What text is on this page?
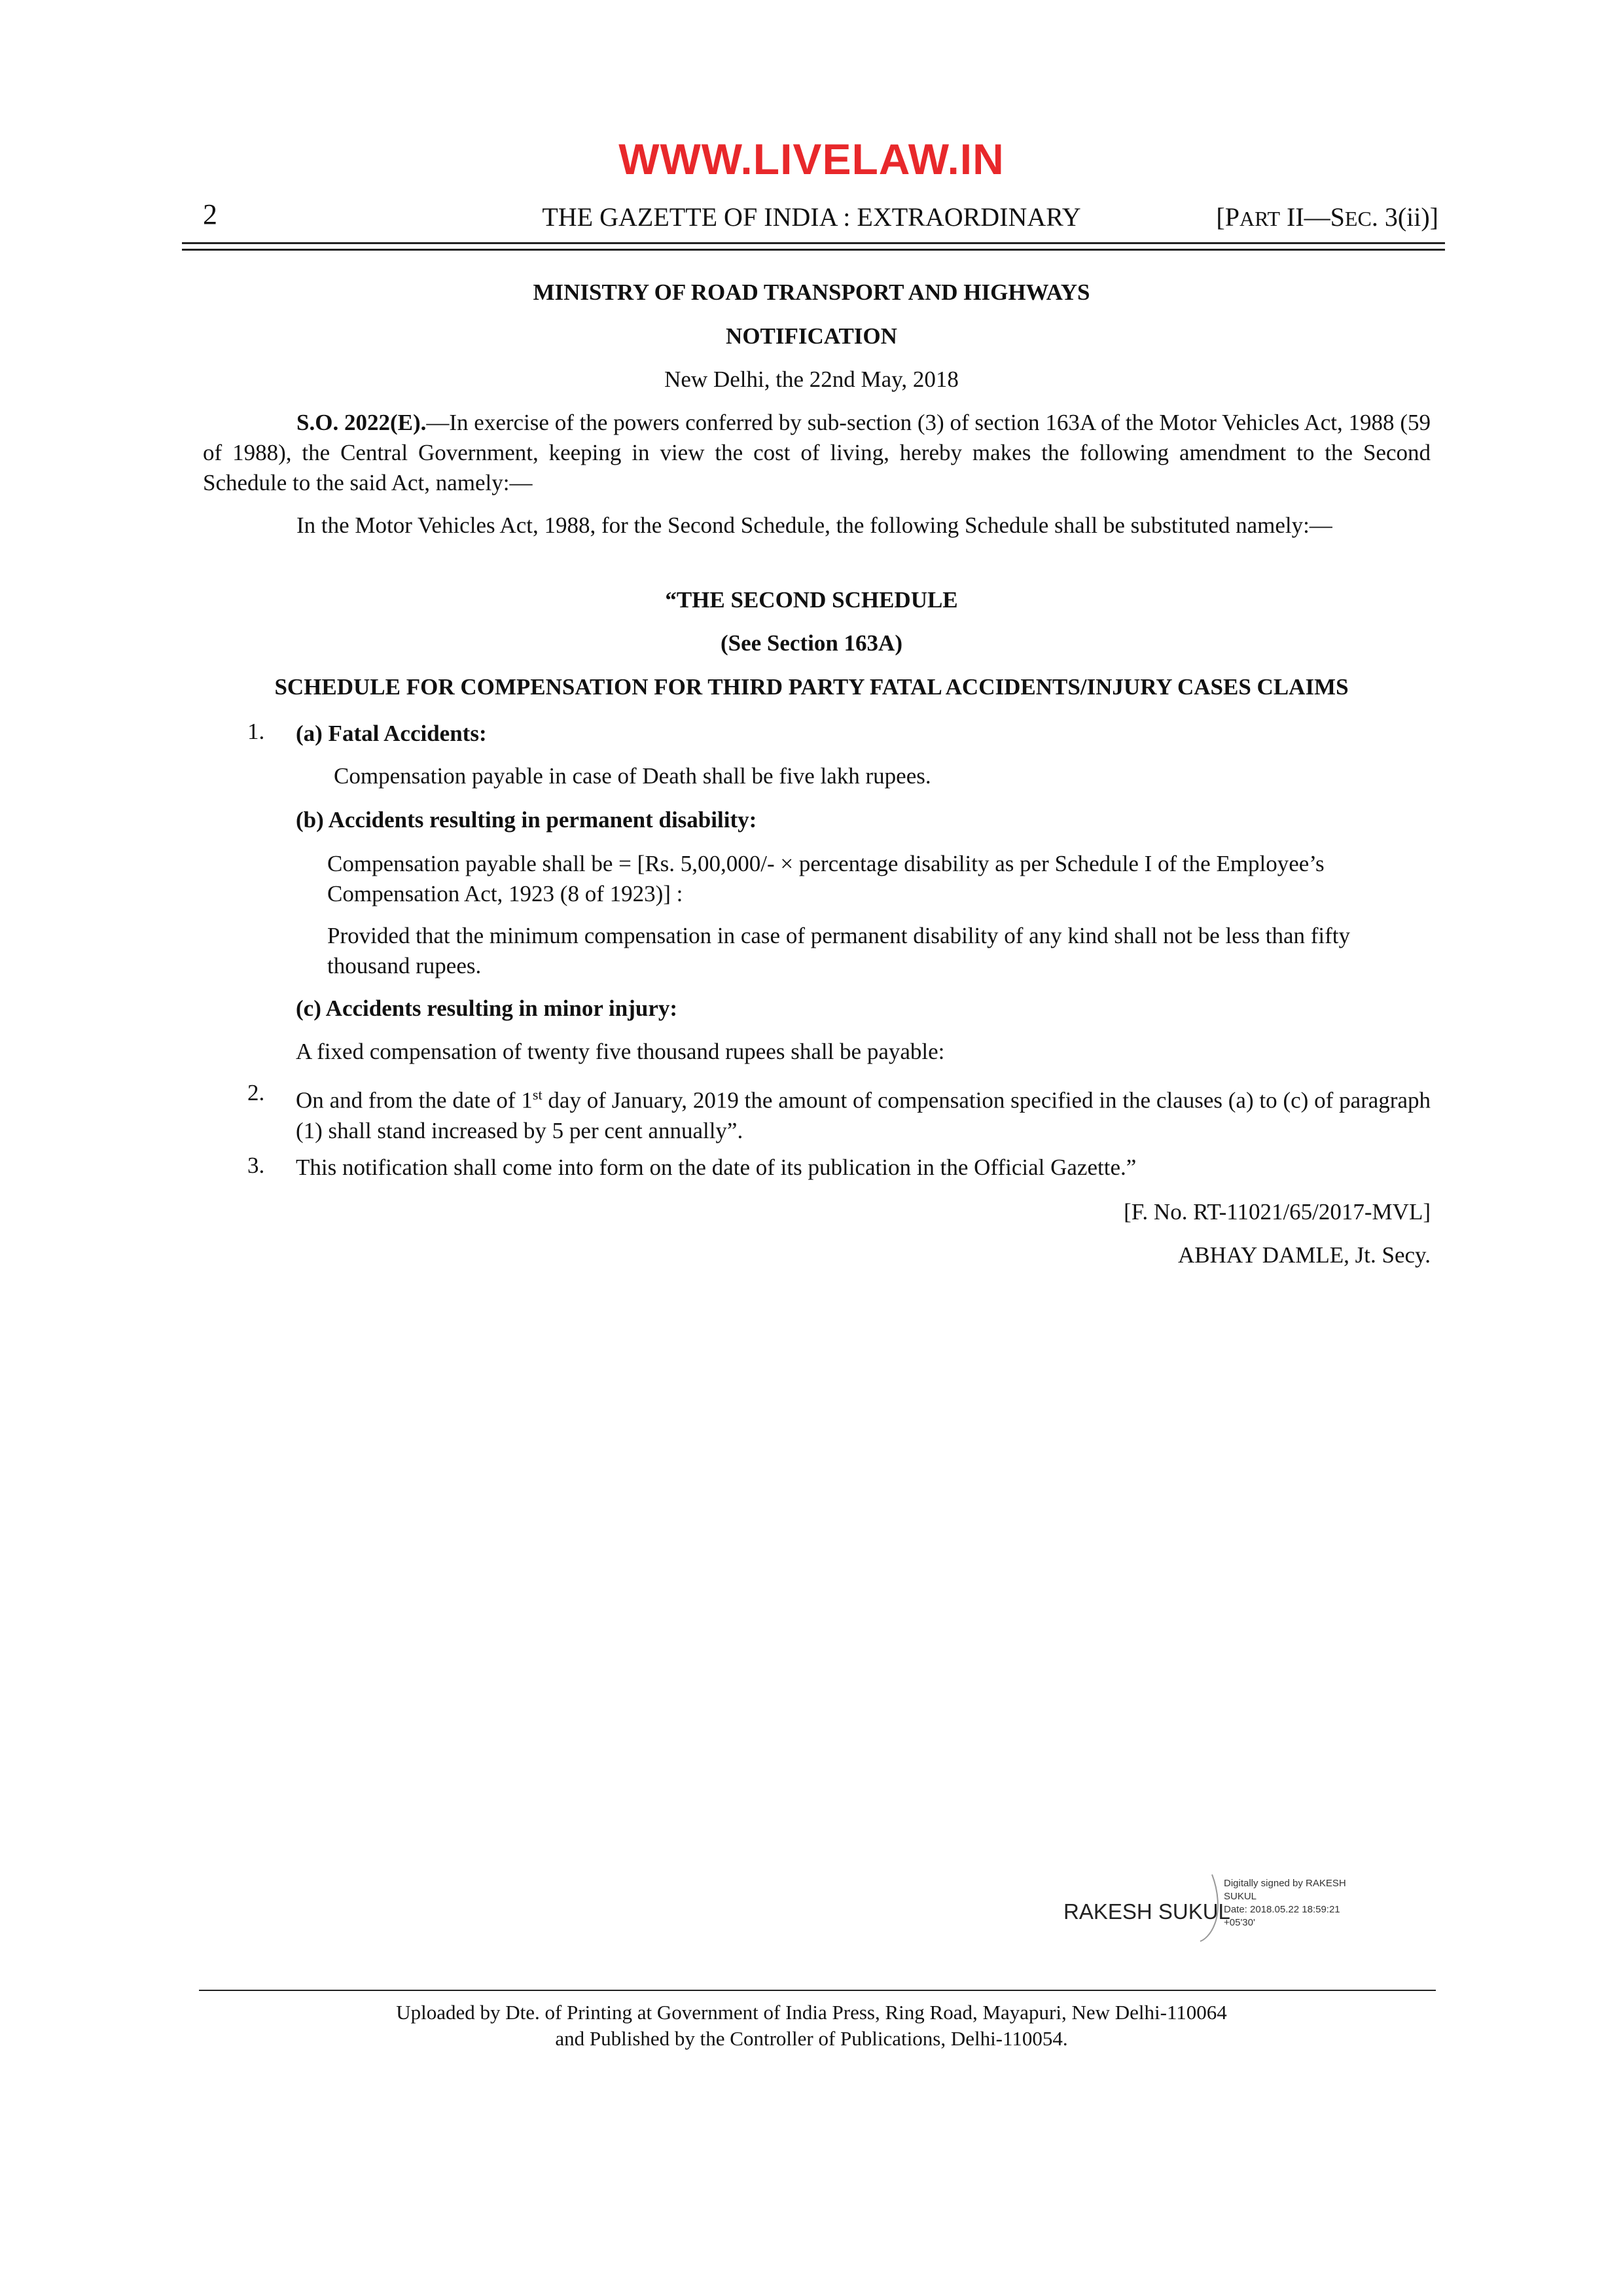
WWW.LIVELAW.IN
2	THE GAZETTE OF INDIA : EXTRAORDINARY	[PART II—SEC. 3(ii)]
MINISTRY OF ROAD TRANSPORT AND HIGHWAYS
NOTIFICATION
New Delhi, the 22nd May, 2018
S.O. 2022(E).—In exercise of the powers conferred by sub-section (3) of section 163A of the Motor Vehicles Act, 1988 (59 of 1988), the Central Government, keeping in view the cost of living, hereby makes the following amendment to the Second Schedule to the said Act, namely:—
In the Motor Vehicles Act, 1988, for the Second Schedule, the following Schedule shall be substituted namely:—
“THE SECOND SCHEDULE
(See Section 163A)
SCHEDULE FOR COMPENSATION FOR THIRD PARTY FATAL ACCIDENTS/INJURY CASES CLAIMS
1. (a) Fatal Accidents:
Compensation payable in case of Death shall be five lakh rupees.
(b) Accidents resulting in permanent disability:
Compensation payable shall be = [Rs. 5,00,000/- × percentage disability as per Schedule I of the Employee’s Compensation Act, 1923 (8 of 1923)] :
Provided that the minimum compensation in case of permanent disability of any kind shall not be less than fifty thousand rupees.
(c) Accidents resulting in minor injury:
A fixed compensation of twenty five thousand rupees shall be payable:
2. On and from the date of 1st day of January, 2019 the amount of compensation specified in the clauses (a) to (c) of paragraph (1) shall stand increased by 5 per cent annually”.
3. This notification shall come into form on the date of its publication in the Official Gazette.”
[F. No. RT-11021/65/2017-MVL]
ABHAY DAMLE, Jt. Secy.
RAKESH SUKUL
Digitally signed by RAKESH
SUKUL
Date: 2018.05.22 18:59:21
+05'30'
Uploaded by Dte. of Printing at Government of India Press, Ring Road, Mayapuri, New Delhi-110064
and Published by the Controller of Publications, Delhi-110054.
